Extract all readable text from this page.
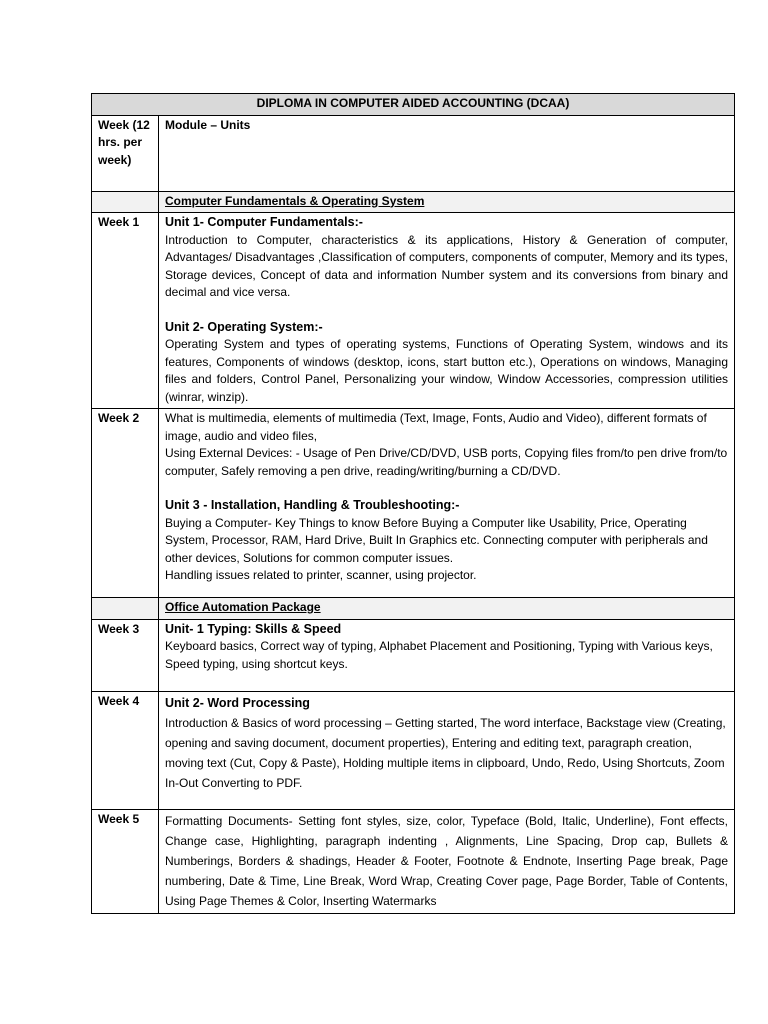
DIPLOMA IN COMPUTER AIDED ACCOUNTING (DCAA)	
Week (12 hrs. per week)	Module – Units
	Computer Fundamentals & Operating System
Week 1	Unit 1- Computer Fundamentals:-
Introduction to Computer, characteristics & its applications, History & Generation of computer, Advantages/ Disadvantages ,Classification of computers, components of computer, Memory and its types, Storage devices, Concept of data and information Number system and its conversions from binary and decimal and vice versa.
Unit 2- Operating System:-
Operating System and types of operating systems, Functions of Operating System, windows and its features, Components of windows (desktop, icons, start button etc.), Operations on windows, Managing files and folders, Control Panel, Personalizing your window, Window Accessories, compression utilities (winrar, winzip).

Week 2	What is multimedia, elements of multimedia (Text, Image, Fonts, Audio and Video), different formats of image, audio and video files,
Using External Devices: - Usage of Pen Drive/CD/DVD, USB ports, Copying files from/to pen drive from/to computer, Safely removing a pen drive, reading/writing/burning a CD/DVD.
Unit 3 - Installation, Handling & Troubleshooting:-
Buying a Computer- Key Things to know Before Buying a Computer like Usability, Price, Operating System, Processor, RAM, Hard Drive, Built In Graphics etc. Connecting computer with peripherals and other devices, Solutions for common computer issues.
Handling issues related to printer, scanner, using projector.

	Office Automation Package
Week 3	Unit- 1 Typing: Skills & Speed
Keyboard basics, Correct way of typing, Alphabet Placement and Positioning, Typing with Various keys, Speed typing, using shortcut keys.

Week 4	Unit 2- Word Processing
Introduction & Basics of word processing – Getting started, The word interface, Backstage view (Creating, opening and saving document, document properties), Entering and editing text, paragraph creation, moving text (Cut, Copy & Paste), Holding multiple items in clipboard, Undo, Redo, Using Shortcuts, Zoom In-Out Converting to PDF.

Week 5	Formatting Documents- Setting font styles, size, color, Typeface (Bold, Italic, Underline), Font effects, Change case, Highlighting, paragraph indenting , Alignments, Line Spacing, Drop cap, Bullets & Numberings, Borders & shadings, Header & Footer, Footnote & Endnote, Inserting Page break, Page numbering, Date & Time, Line Break, Word Wrap, Creating Cover page, Page Border, Table of Contents, Using Page Themes & Color, Inserting Watermarks
